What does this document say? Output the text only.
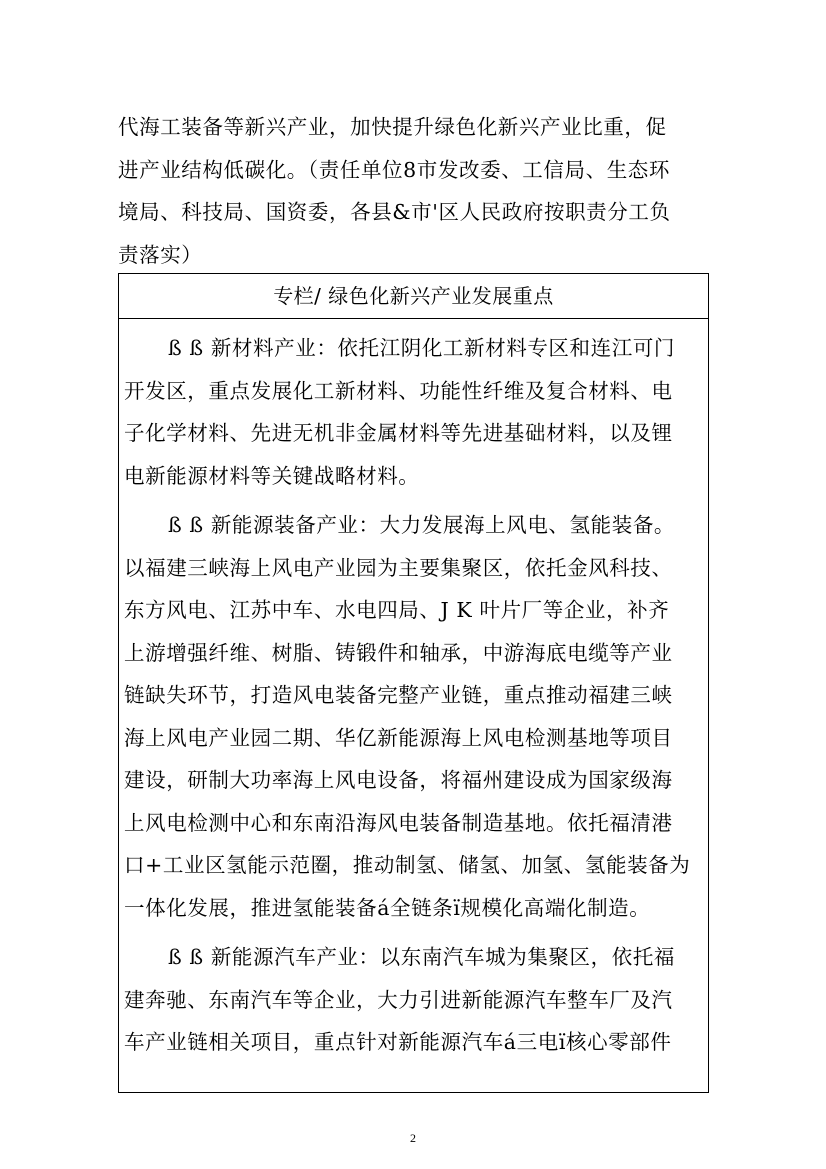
代海工装备等新兴产业，加快提升绿色化新兴产业比重，促
进产业结构低碳化。（责任单位8市发改委、工信局、生态环
境局、科技局、国资委，各县&市'区人民政府按职责分工负
责落实）
专栏/ 绿色化新兴产业发展重点
ß ß 新材料产业：依托江阴化工新材料专区和连江可门
开发区，重点发展化工新材料、功能性纤维及复合材料、电
子化学材料、先进无机非金属材料等先进基础材料，以及锂
电新能源材料等关键战略材料。
ß ß 新能源装备产业：大力发展海上风电、氢能装备。
以福建三峡海上风电产业园为主要集聚区，依托金风科技、
东方风电、江苏中车、水电四局、J K 叶片厂等企业，补齐
上游增强纤维、树脂、铸锻件和轴承，中游海底电缆等产业
链缺失环节，打造风电装备完整产业链，重点推动福建三峡
海上风电产业园二期、华亿新能源海上风电检测基地等项目
建设，研制大功率海上风电设备，将福州建设成为国家级海
上风电检测中心和东南沿海风电装备制造基地。依托福清港
口+工业区氢能示范圈，推动制氢、储氢、加氢、氢能装备为
一体化发展，推进氢能装备á全链条ï规模化高端化制造。
ß ß 新能源汽车产业：以东南汽车城为集聚区，依托福
建奔驰、东南汽车等企业，大力引进新能源汽车整车厂及汽
车产业链相关项目，重点针对新能源汽车á三电ï核心零部件
2
